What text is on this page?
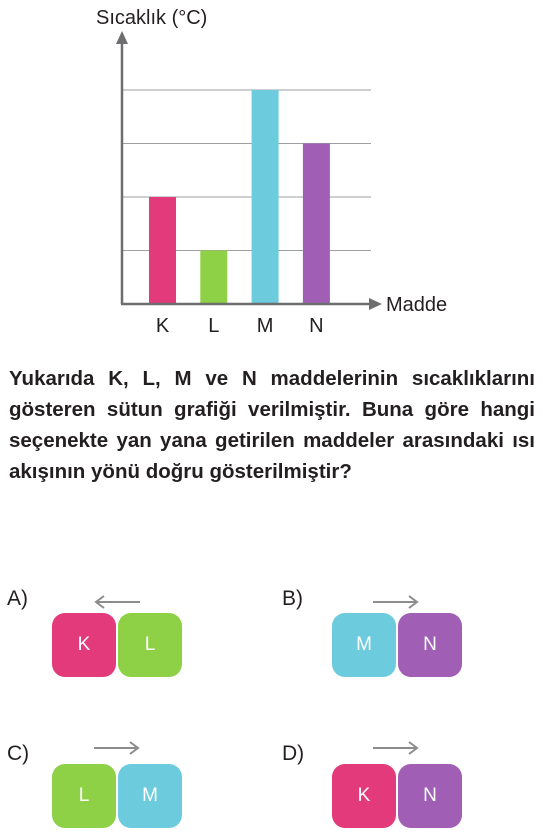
Sıcaklık (°C)
Madde
K L M N
Yukarıda K, L, M ve N maddelerinin sıcaklıklarını gösteren sütun grafiği verilmiştir. Buna göre hangi seçenekte yan yana getirilen maddeler arasındaki ısı akışının yönü doğru gösterilmiştir?
A)
K	L
B)
M	N
C)
L	M
D)
K	N
